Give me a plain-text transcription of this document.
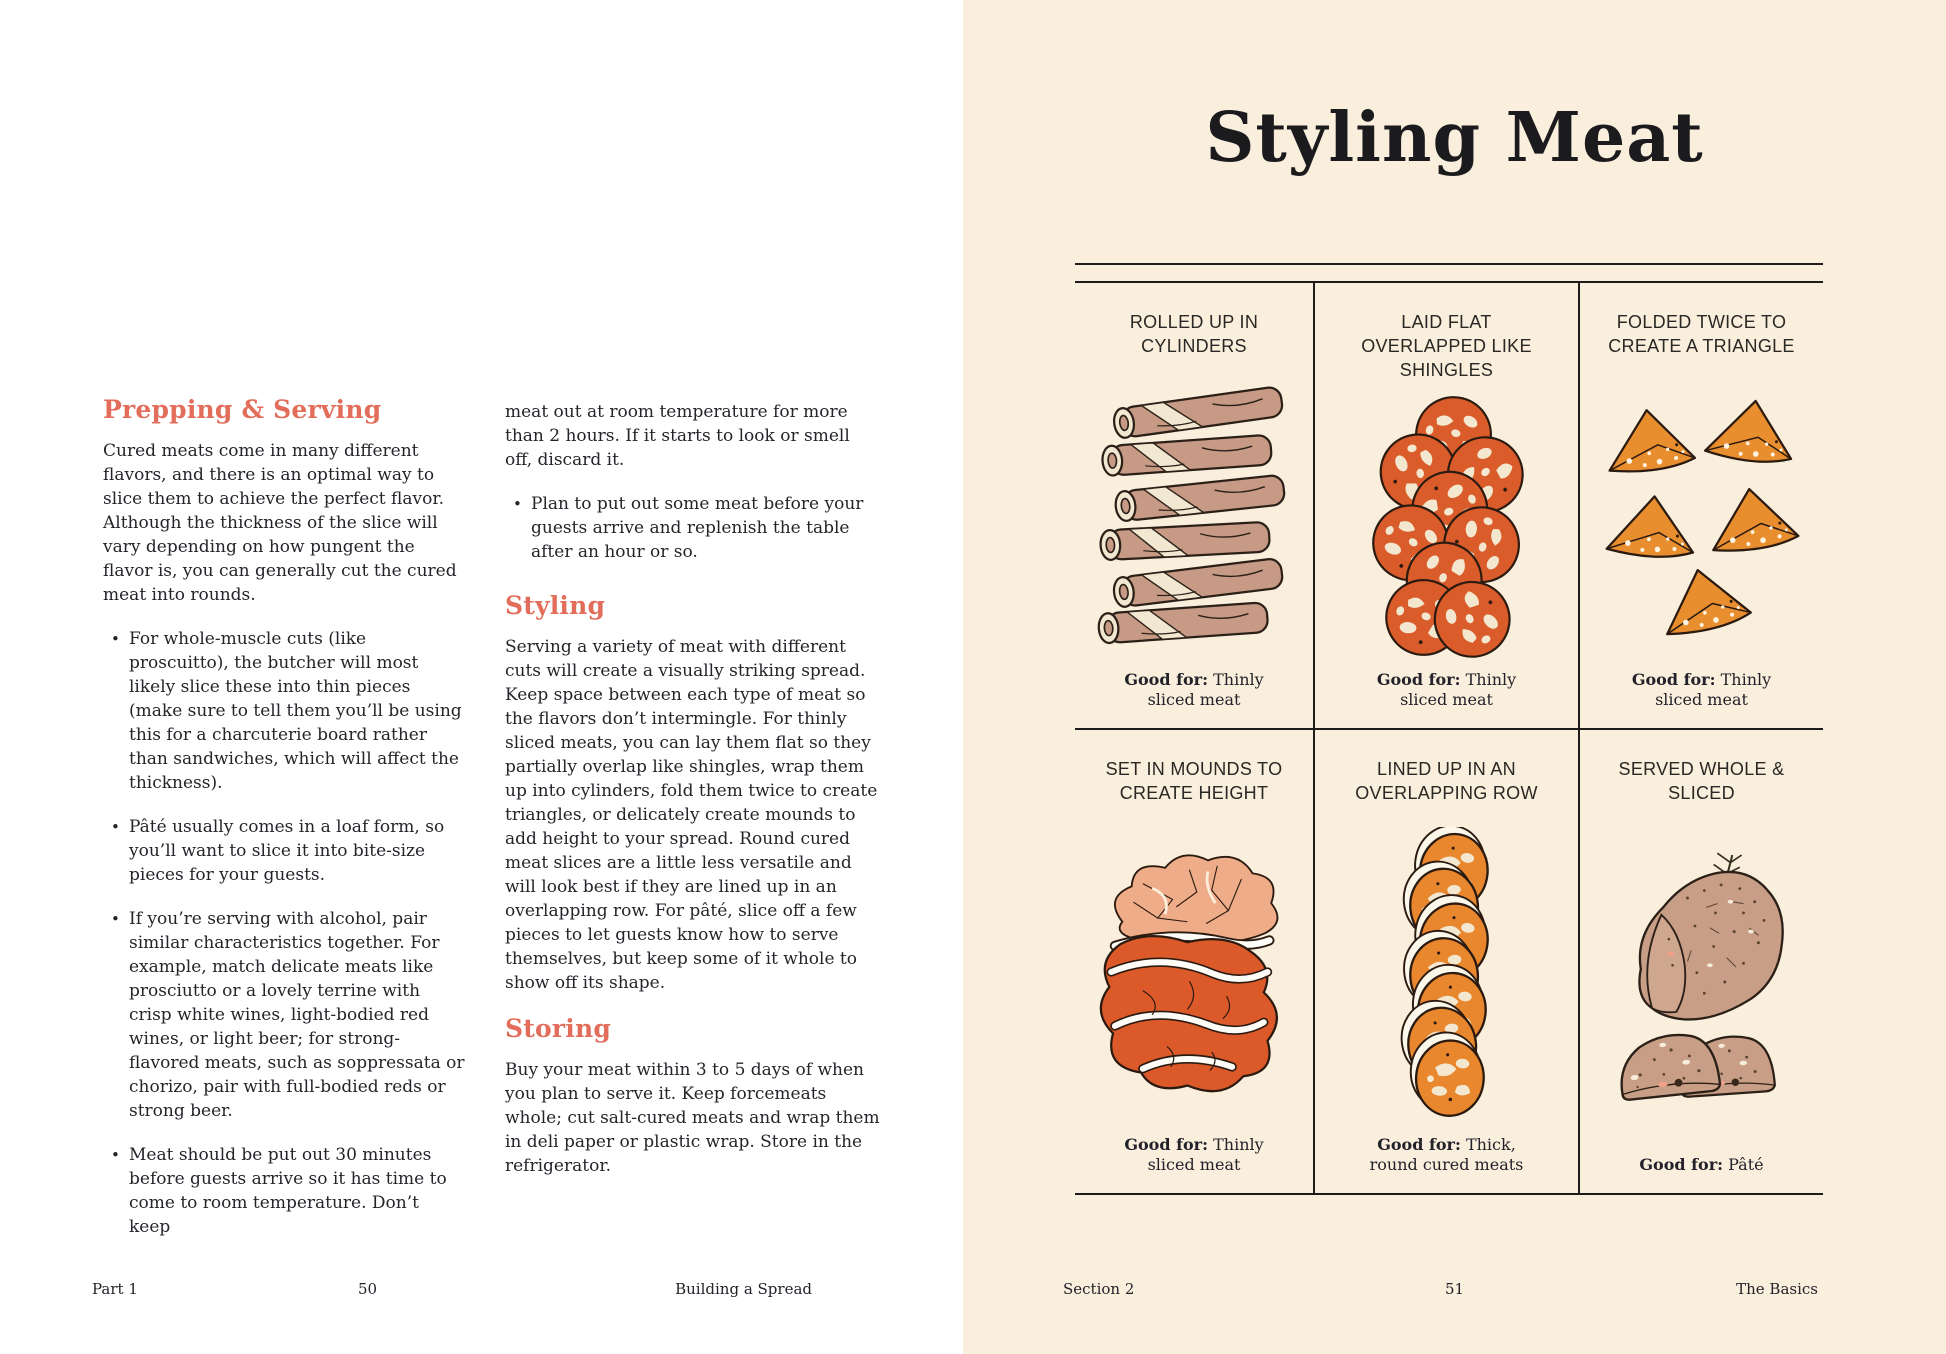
Prepping & Serving

Cured meats come in many different flavors, and there is an optimal way to slice them to achieve the perfect flavor. Although the thickness of the slice will vary depending on how pungent the flavor is, you can generally cut the cured meat into rounds.

• For whole-muscle cuts (like proscuitto), the butcher will most likely slice these into thin pieces (make sure to tell them you’ll be using this for a charcuterie board rather than sandwiches, which will affect the thickness).
• Pâté usually comes in a loaf form, so you’ll want to slice it into bite-size pieces for your guests.
• If you’re serving with alcohol, pair similar characteristics together. For example, match delicate meats like prosciutto or a lovely terrine with crisp white wines, light-bodied red wines, or light beer; for strong-flavored meats, such as soppressata or chorizo, pair with full-bodied reds or strong beer.
• Meat should be put out 30 minutes before guests arrive so it has time to come to room temperature. Don’t keep

meat out at room temperature for more than 2 hours. If it starts to look or smell off, discard it.

• Plan to put out some meat before your guests arrive and replenish the table after an hour or so.
Styling

Serving a variety of meat with different cuts will create a visually striking spread. Keep space between each type of meat so the flavors don’t intermingle. For thinly sliced meats, you can lay them flat so they partially overlap like shingles, wrap them up into cylinders, fold them twice to create triangles, or delicately create mounds to add height to your spread. Round cured meat slices are a little less versatile and will look best if they are lined up in an overlapping row. For pâté, slice off a few pieces to let guests know how to serve themselves, but keep some of it whole to show off its shape.

Storing

Buy your meat within 3 to 5 days of when you plan to serve it. Keep forcemeats whole; cut salt-cured meats and wrap them in deli paper or plastic wrap. Store in the refrigerator.

Part 1	50	Building a Spread
Styling Meat
ROLLED UP IN CYLINDERS
Good for: Thinly sliced meat
LAID FLAT OVERLAPPED LIKE SHINGLES
Good for: Thinly sliced meat
FOLDED TWICE TO CREATE A TRIANGLE
Good for: Thinly sliced meat
SET IN MOUNDS TO CREATE HEIGHT
Good for: Thinly sliced meat
LINED UP IN AN OVERLAPPING ROW
Good for: Thick, round cured meats
SERVED WHOLE & SLICED
Good for: Pâté
Section 2	51	The Basics
